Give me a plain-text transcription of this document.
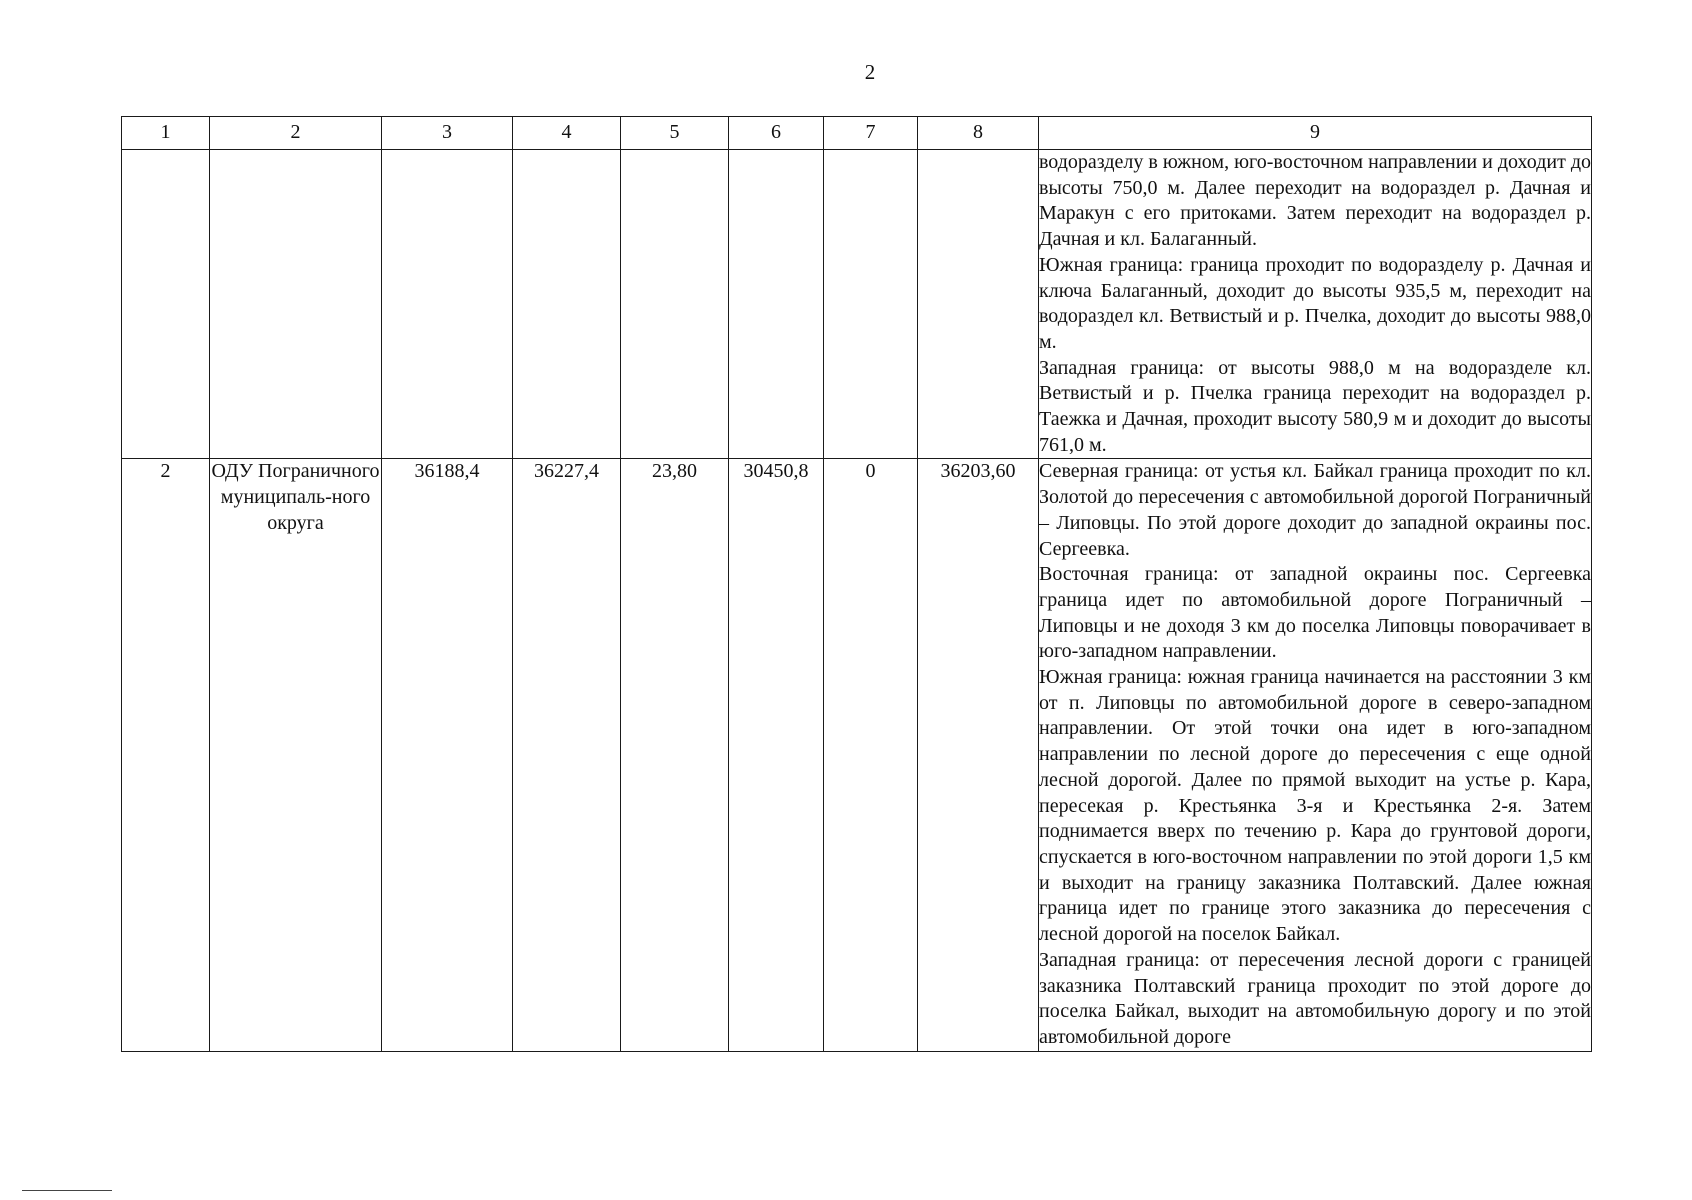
2
1	2	3	4	5	6	7	8	9

								водоразделу в южном, юго-восточном направлении и доходит до высоты 750,0 м. Далее переходит на водораздел р. Дачная и Маракун с его притоками. Затем переходит на водораздел р. Дачная и кл. Балаганный.

Южная граница: граница проходит по водоразделу р. Дачная и ключа Балаганный, доходит до высоты 935,5 м, переходит на водораздел кл. Ветвистый и р. Пчелка, доходит до высоты 988,0 м.

Западная граница: от высоты 988,0 м на водоразделе кл. Ветвистый и р. Пчелка граница переходит на водораздел р. Таежка и Дачная, проходит высоту 580,9 м и доходит до высоты 761,0 м.

2	ОДУ Пограничного муниципаль-ного округа	36188,4	36227,4	23,80	30450,8	0	36203,60	Северная граница: от устья кл. Байкал граница проходит по кл. Золотой до пересечения с автомобильной дорогой Пограничный – Липовцы. По этой дороге доходит до западной окраины пос. Сергеевка.

Восточная граница: от западной окраины пос. Сергеевка граница идет по автомобильной дороге Пограничный – Липовцы и не доходя 3 км до поселка Липовцы поворачивает в юго-западном направлении.

Южная граница: южная граница начинается на расстоянии 3 км от п. Липовцы по автомобильной дороге в северо-западном направлении. От этой точки она идет в юго-западном направлении по лесной дороге до пересечения с еще одной лесной дорогой. Далее по прямой выходит на устье р. Кара, пересекая р. Крестьянка 3-я и Крестьянка 2-я. Затем поднимается вверх по течению р. Кара до грунтовой дороги, спускается в юго-восточном направлении по этой дороги 1,5 км и выходит на границу заказника Полтавский. Далее южная граница идет по границе этого заказника до пересечения с лесной дорогой на поселок Байкал.

Западная граница: от пересечения лесной дороги с границей заказника Полтавский граница проходит по этой дороге до поселка Байкал, выходит на автомобильную дорогу и по этой автомобильной дороге
